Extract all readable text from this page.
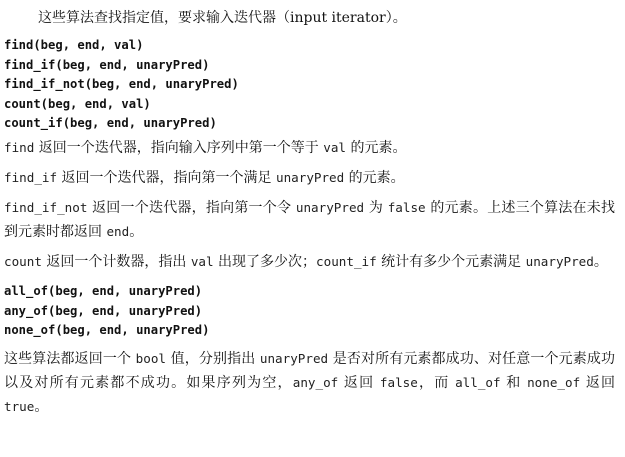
这些算法查找指定值，要求输入迭代器（input iterator）。
find(beg, end, val)
find_if(beg, end, unaryPred)
find_if_not(beg, end, unaryPred)
count(beg, end, val)
count_if(beg, end, unaryPred)

find 返回一个迭代器，指向输入序列中第一个等于 val 的元素。

find_if 返回一个迭代器，指向第一个满足 unaryPred 的元素。

find_if_not 返回一个迭代器，指向第一个令 unaryPred 为 false 的元素。上述三个算法在未找到元素时都返回 end。

count 返回一个计数器，指出 val 出现了多少次；count_if 统计有多少个元素满足 unaryPred。

all_of(beg, end, unaryPred)
any_of(beg, end, unaryPred)
none_of(beg, end, unaryPred)

这些算法都返回一个 bool 值，分别指出 unaryPred 是否对所有元素都成功、对任意一个元素成功以及对所有元素都不成功。如果序列为空，any_of 返回 false，而 all_of 和 none_of 返回 true。
